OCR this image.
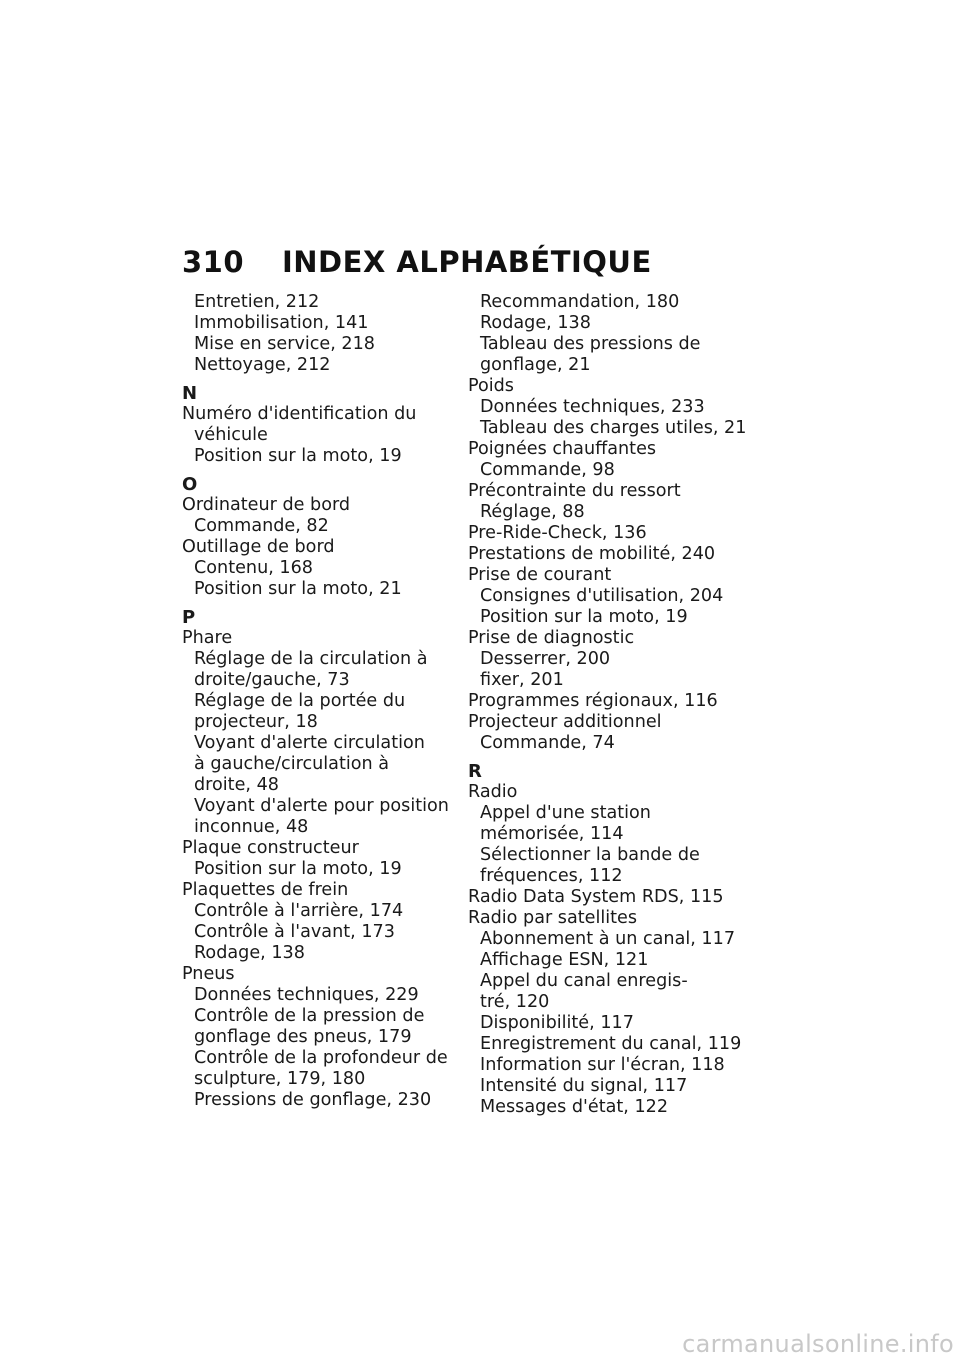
310	INDEX ALPHABÉTIQUE
Entretien, 212
Immobilisation, 141
Mise en service, 218
Nettoyage, 212
N
Numéro d'identification du
véhicule
Position sur la moto, 19
O
Ordinateur de bord
Commande, 82
Outillage de bord
Contenu, 168
Position sur la moto, 21
P
Phare
Réglage de la circulation à
droite/gauche, 73
Réglage de la portée du
projecteur, 18
Voyant d'alerte circulation
à gauche/circulation à
droite, 48
Voyant d'alerte pour position
inconnue, 48
Plaque constructeur
Position sur la moto, 19
Plaquettes de frein
Contrôle à l'arrière, 174
Contrôle à l'avant, 173
Rodage, 138
Pneus
Données techniques, 229
Contrôle de la pression de
gonflage des pneus, 179
Contrôle de la profondeur de
sculpture, 179, 180
Pressions de gonflage, 230
Recommandation, 180
Rodage, 138
Tableau des pressions de
gonflage, 21
Poids
Données techniques, 233
Tableau des charges utiles, 21
Poignées chauffantes
Commande, 98
Précontrainte du ressort
Réglage, 88
Pre-Ride-Check, 136
Prestations de mobilité, 240
Prise de courant
Consignes d'utilisation, 204
Position sur la moto, 19
Prise de diagnostic
Desserrer, 200
fixer, 201
Programmes régionaux, 116
Projecteur additionnel
Commande, 74
R
Radio
Appel d'une station
mémorisée, 114
Sélectionner la bande de
fréquences, 112
Radio Data System RDS, 115
Radio par satellites
Abonnement à un canal, 117
Affichage ESN, 121
Appel du canal enregis-
tré, 120
Disponibilité, 117
Enregistrement du canal, 119
Information sur l'écran, 118
Intensité du signal, 117
Messages d'état, 122
carmanualsonline.info
